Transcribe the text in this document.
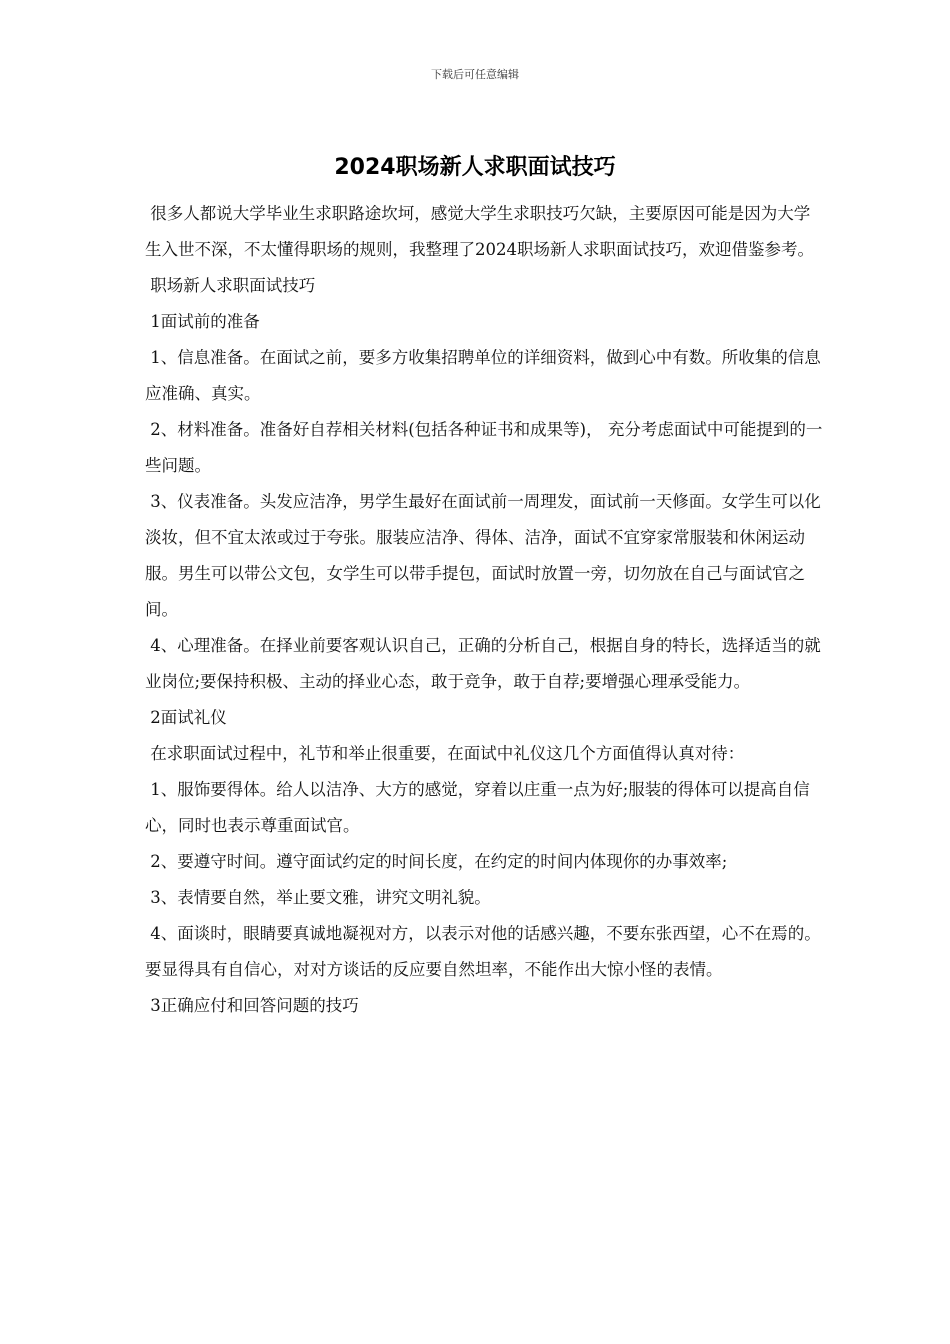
下载后可任意编辑
2024职场新人求职面试技巧

很多人都说大学毕业生求职路途坎坷，感觉大学生求职技巧欠缺，主要原因可能是因为大学生入世不深，不太懂得职场的规则，我整理了2024职场新人求职面试技巧，欢迎借鉴参考。

职场新人求职面试技巧

1面试前的准备

1、信息准备。在面试之前，要多方收集招聘单位的详细资料，做到心中有数。所收集的信息应准确、真实。

2、材料准备。准备好自荐相关材料(包括各种证书和成果等)， 充分考虑面试中可能提到的一些问题。

3、仪表准备。头发应洁净，男学生最好在面试前一周理发，面试前一天修面。女学生可以化淡妆，但不宜太浓或过于夸张。服装应洁净、得体、洁净，面试不宜穿家常服装和休闲运动服。男生可以带公文包，女学生可以带手提包，面试时放置一旁，切勿放在自己与面试官之间。

4、心理准备。在择业前要客观认识自己，正确的分析自己，根据自身的特长，选择适当的就业岗位;要保持积极、主动的择业心态，敢于竞争，敢于自荐;要增强心理承受能力。

2面试礼仪

在求职面试过程中，礼节和举止很重要，在面试中礼仪这几个方面值得认真对待：

1、服饰要得体。给人以洁净、大方的感觉，穿着以庄重一点为好;服装的得体可以提高自信心，同时也表示尊重面试官。

2、要遵守时间。遵守面试约定的时间长度，在约定的时间内体现你的办事效率;

3、表情要自然，举止要文雅，讲究文明礼貌。

4、面谈时，眼睛要真诚地凝视对方，以表示对他的话感兴趣，不要东张西望，心不在焉的。要显得具有自信心，对对方谈话的反应要自然坦率，不能作出大惊小怪的表情。

3正确应付和回答问题的技巧
